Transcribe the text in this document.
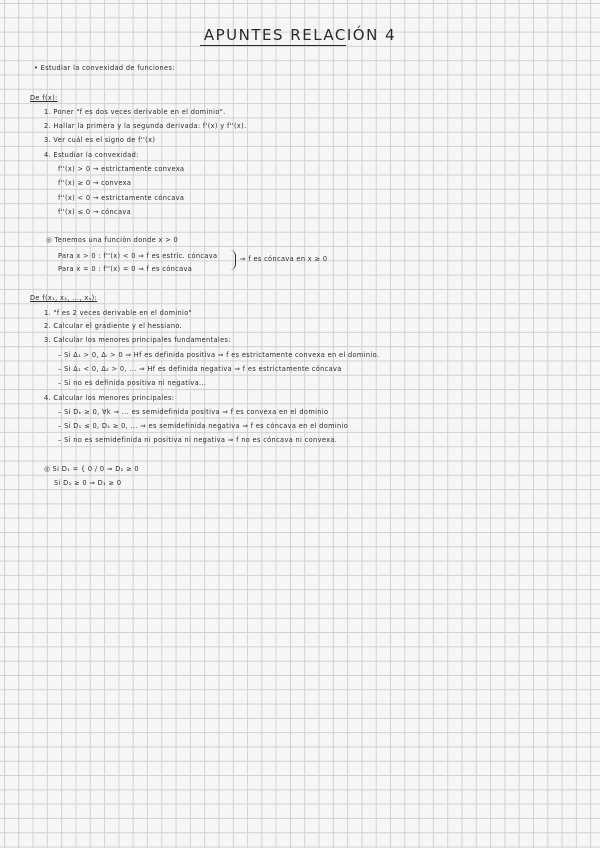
APUNTES RELACIÓN 4
• Estudiar la convexidad de funciones:
De f(x):
1. Poner "f es dos veces derivable en el dominio".
2. Hallar la primera y la segunda derivada: f'(x) y f''(x).
3. Ver cuál es el signo de f''(x)
4. Estudiar la convexidad:
f''(x) > 0 → estrictamente convexa
f''(x) ≥ 0 → convexa
f''(x) < 0 → estrictamente cóncava
f''(x) ≤ 0 → cóncava
◎ Tenemos una función donde x > 0
Para x > 0 : f''(x) < 0 ⇒ f es estric. cóncava
Para x = 0 : f''(x) = 0 ⇒ f es cóncava
⇒ f es cóncava en x ≥ 0
De f(x₁, x₂, ..., xₙ):
1. "f es 2 veces derivable en el dominio"
2. Calcular el gradiente y el hessiano.
3. Calcular los menores principales fundamentales:
– Si Δ₁ > 0, Δᵢ > 0 ⇒ Hf es definida positiva ⇒ f es estrictamente convexa en el dominio.
– Si Δ₁ < 0, Δ₂ > 0, ... ⇒ Hf es definida negativa ⇒ f es estrictamente cóncava
– Si no es definida positiva ni negativa...
4. Calcular los menores principales:
– Si Dₖ ≥ 0, ∀k ⇒ ... es semidefinida positiva ⇒ f es convexa en el dominio
– Si D₁ ≤ 0, D₂ ≥ 0, ... ⇒ es semidefinida negativa ⇒ f es cóncava en el dominio
– Si no es semidefinida ni positiva ni negativa ⇒ f no es cóncava ni convexa.
◎ Si D₁ = { 0 / 0 ⇒ D₂ ≥ 0
Si D₂ ≥ 0 ⇒ D₁ ≥ 0
